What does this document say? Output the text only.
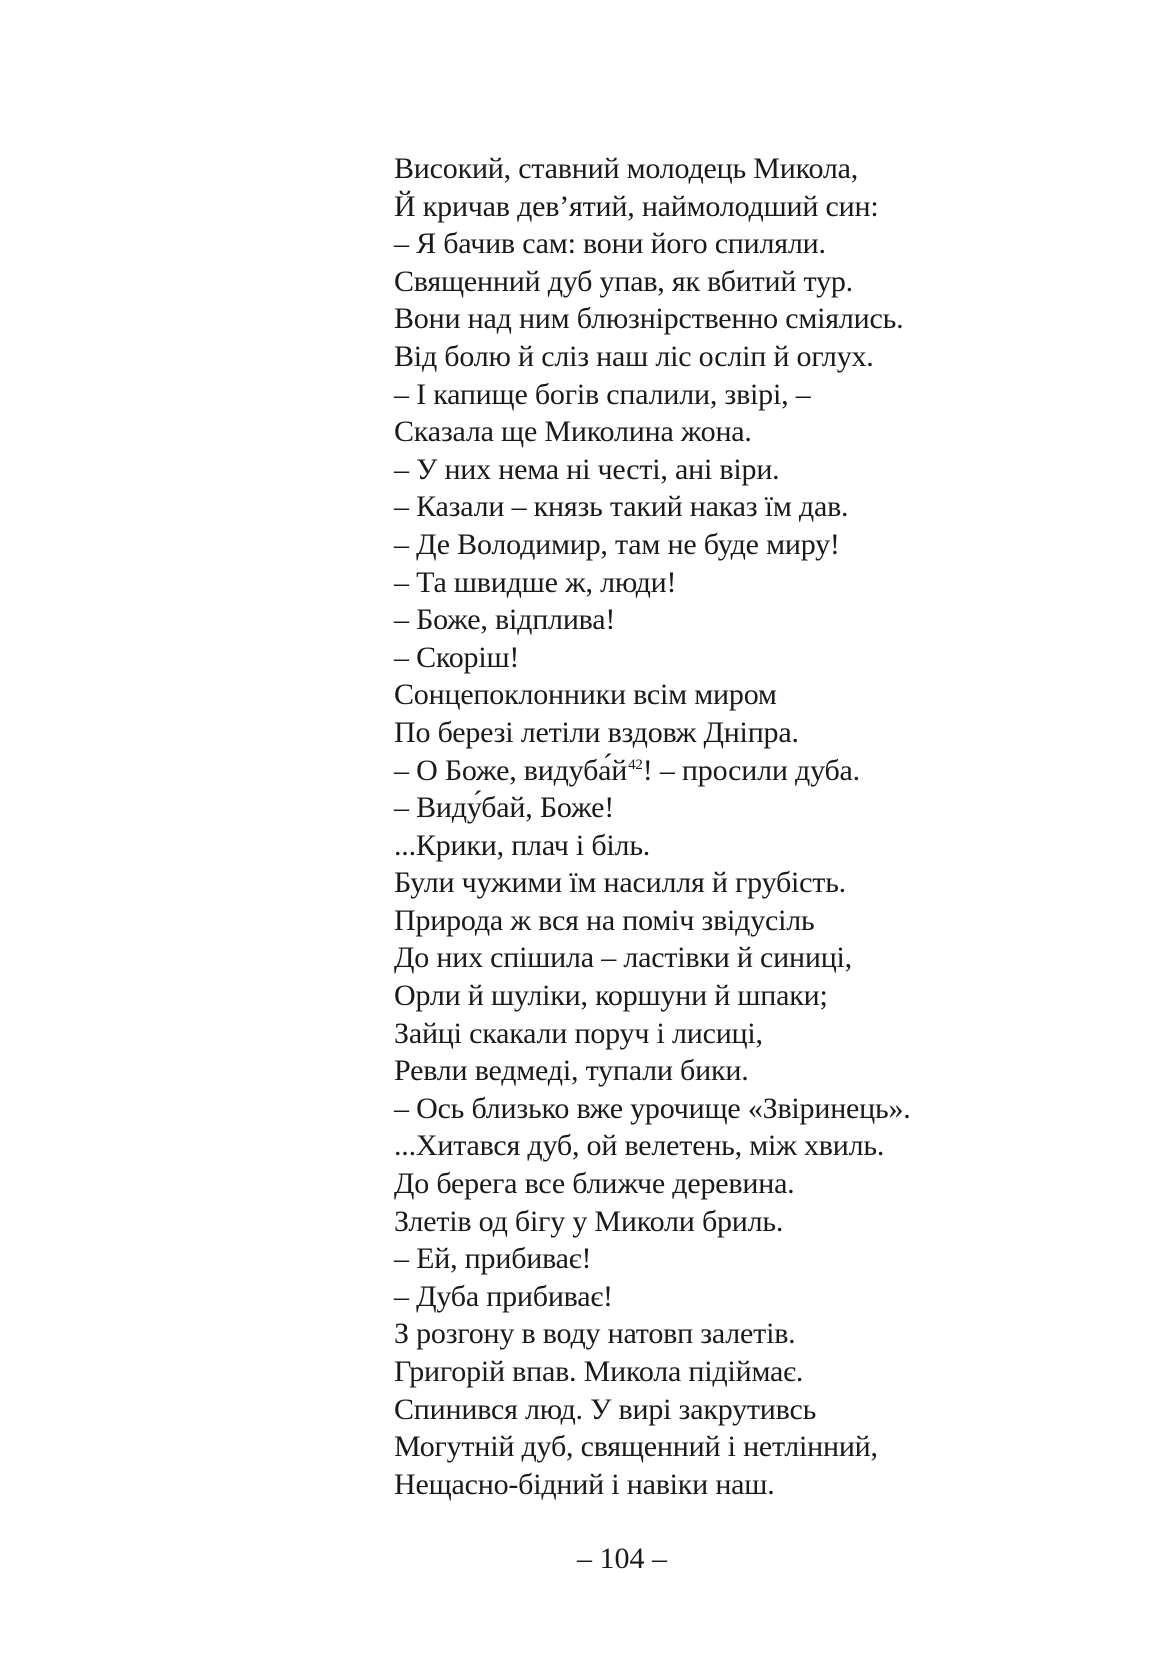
Високий, ставний молодець Микола,
Й кричав дев’ятий, наймолодший син:
– Я бачив сам: вони його спиляли.
Священний дуб упав, як вбитий тур.
Вони над ним блюзнірственно сміялись.
Від болю й сліз наш ліс осліп й оглух.
– І капище богів спалили, звірі, –
Сказала ще Миколина жона.
– У них нема ні честі, ані віри.
– Казали – князь такий наказ їм дав.
– Де Володимир, там не буде миру!
– Та швидше ж, люди!
– Боже, відплива!
– Скоріш!
Сонцепоклонники всім миром
По березі летіли вздовж Дніпра.
– О Боже, $видуба́й^{42}$! – просили дуба.
– Виду́бай, Боже!
...Крики, плач і біль.
Були чужими їм насилля й грубість.
Природа ж вся на поміч звідусіль
До них спішила – ластівки й синиці,
Орли й шуліки, коршуни й шпаки;
Зайці скакали поруч і лисиці,
Ревли ведмеді, тупали бики.
– Ось близько вже урочище «Звіринець».
...Хитався дуб, ой велетень, між хвиль.
До берега все ближче деревина.
Злетів од бігу у Миколи бриль.
– Ей, прибиває!
– Дуба прибиває!
З розгону в воду натовп залетів.
Григорій впав. Микола підіймає.
Спинився люд. У вирі закрутивсь
Могутній дуб, священний і нетлінний,
Нещасно-бідний і навіки наш.
– 104 –
